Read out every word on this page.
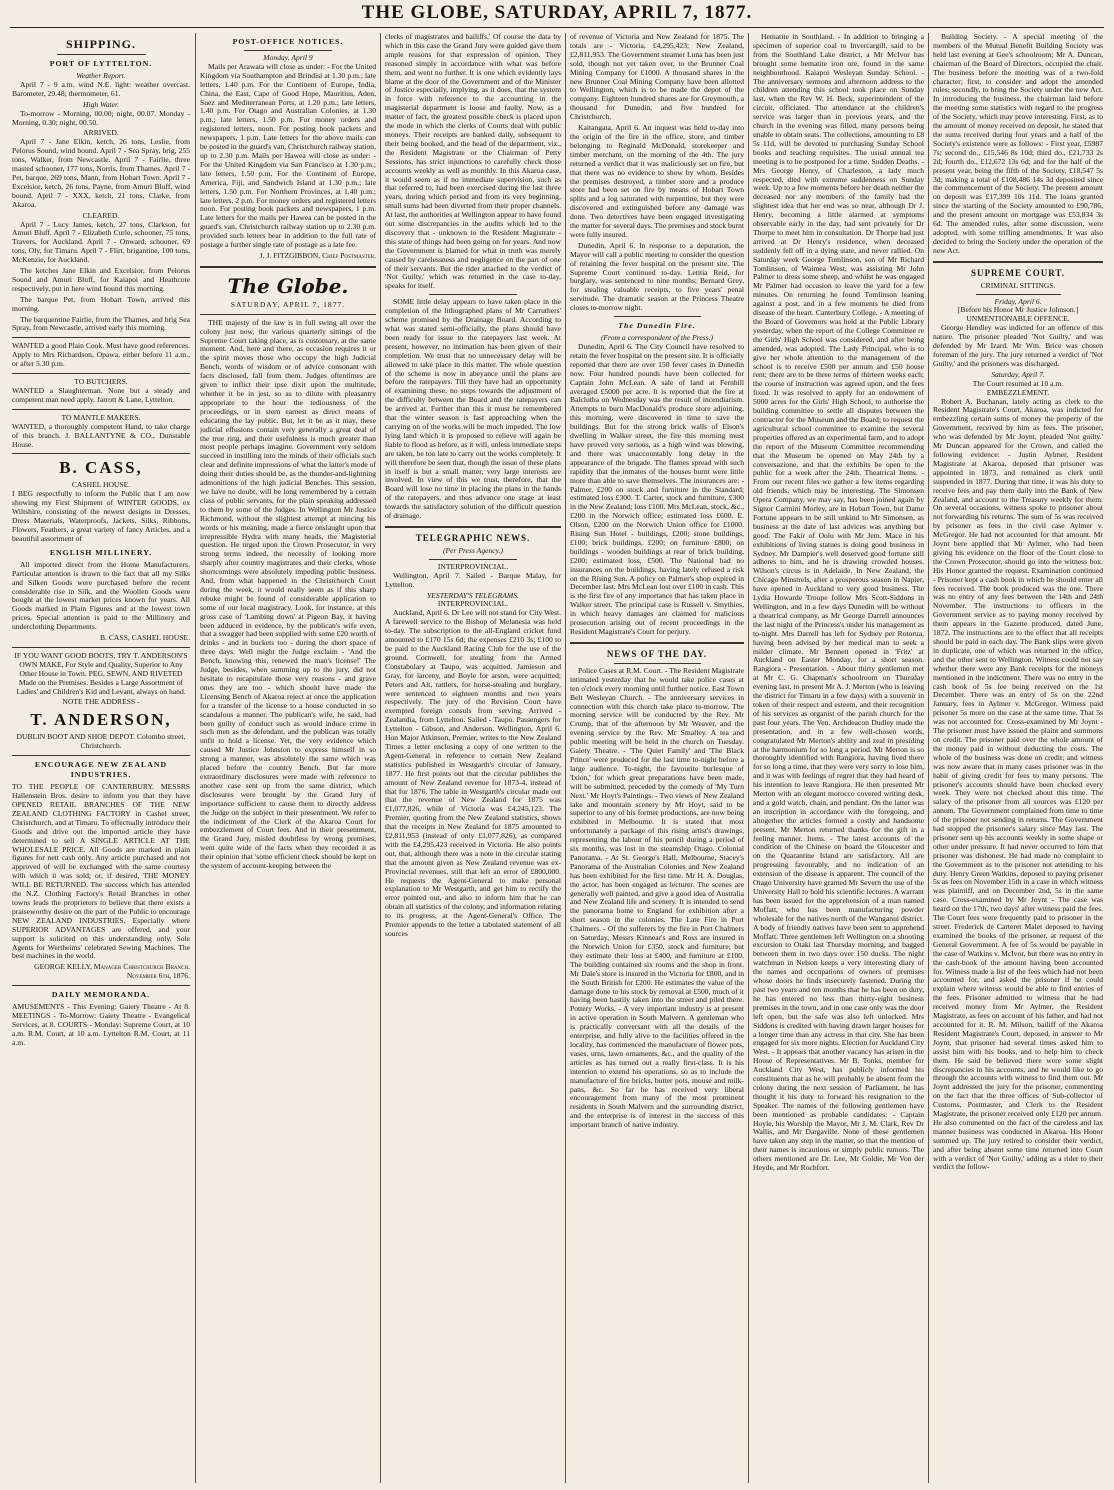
THE GLOBE, SATURDAY, APRIL 7, 1877.
SHIPPING.
PORT OF LYTTELTON.
Weather Report.

April 7 - 9 a.m. wind N.E. light: weather overcast. Barometer, 29.48; thermometer, 61.

High Water.

To-morrow - Morning, 00.00; night, 00.07. Monday - Morning, 0.30; night, 00.50.

ARRIVED.

April 7 - Jane Elkin, ketch, 26 tons, Leslie, from Pelorus Sound, wind bound. April 7 - Sea Spray, brig, 255 tons, Walker, from Newcastle. April 7 - Fairlie, three masted schooner, 177 tons, Norris, from Thames. April 7 - Pet, barque, 269 tons, Mann, from Hobart Town. April 7 - Excelsior, ketch, 26 tons, Payne, from Amuri Bluff, wind bound. April 7 - XXX, ketch, 21 tons, Clarke, from Akaroa.

CLEARED.

April 7 - Lucy James, ketch, 27 tons, Clarkson, for Amuri Bluff. April 7 - Elizabeth Curle, schooner, 75 tons, Travers, for Auckland. April 7 - Onward, schooner, 69 tons, Oly, for Timaru. April 7 - Flirt, brigantine, 100 tons, McKenzie, for Auckland.

The ketches Jane Elkin and Excelsior, from Pelorus Sound and Amuri Bluff, for Kaiapoi and Heathcote respectively, put in here wind bound this morning.

The barque Pet, from Hobart Town, arrived this morning.

The barquentine Fairlie, from the Thames, and brig Sea Spray, from Newcastle, arrived early this morning.

WANTED a good Plain Cook. Must have good references. Apply to Mrs Richardson, Opawa, either before 11 a.m., or after 5.30 p.m.

TO BUTCHERS.

WANTED a Slaughterman. None but a steady and competent man need apply. Jarrott & Lane, Lyttelton.

TO MANTLE MAKERS.

WANTED, a thoroughly competent Hand, to take charge of this branch. J. BALLANTYNE & CO., Dunstable House.

B. CASS,
CASHEL HOUSE.

I BEG respectfully to inform the Public that I am now showing my First Shipment of WINTER GOODS, ex Wiltshire, consisting of the newest designs in Dresses, Dress Materials, Waterproofs, Jackets, Silks, Ribbons, Flowers, Feathers, a great variety of fancy Articles, and a beautiful assortment of

ENGLISH MILLINERY.

All imported direct from the Home Manufacturers. Particular attention is drawn to the fact that all my Silks and Silken Goods were purchased before the recent considerable rise in Silk, and the Woollen Goods were bought at the lowest market prices known for years. All Goods marked in Plain Figures and at the lowest town prices. Special attention is paid to the Millinery and underclothing Departments.

B. CASS, CASHEL HOUSE.

IF YOU WANT GOOD BOOTS, TRY T. ANDERSON'S OWN MAKE, For Style and Quality, Superior to Any Other House in Town. PEG, SEWN, AND RIVETED Made on the Premises. Besides a Large Assortment of Ladies' and Children's Kid and Levant, always on hand.

NOTE THE ADDRESS -
T. ANDERSON,
DUBLIN BOOT AND SHOE DEPOT. Colombo street, Christchurch.
ENCOURAGE NEW ZEALAND INDUSTRIES.

TO THE PEOPLE OF CANTERBURY. MESSRS Hallenstein Bros. desire to inform you that they have OPENED RETAIL BRANCHES OF THE NEW ZEALAND CLOTHING FACTORY in Cashel street, Christchurch, and at Timaru. To effectually introduce their Goods and drive out the imported article they have determined to sell A SINGLE ARTICLE AT THE WHOLESALE PRICE. All Goods are marked in plain figures for nett cash only. Any article purchased and not approved of will be exchanged with the same courtesy with which it was sold; or, if desired, THE MONEY WILL BE RETURNED. The success which has attended the N.Z. Clothing Factory's Retail Branches in other towns leads the proprietors to believe that there exists a praiseworthy desire on the part of the Public to encourage NEW ZEALAND INDUSTRIES, Especially where SUPERIOR ADVANTAGES are offered, and your support is solicited on this understanding only. Sole Agents for Wertheims' celebrated Sewing Machines. The best machines in the world.

GEORGE KELLY, Manager Christchurch Branch. November 6th, 1876.
DAILY MEMORANDA.

AMUSEMENTS - This Evening: Gaiety Theatre - At 8. MEETINGS - To-Morrow: Gaiety Theatre - Evangelical Services, at 8. COURTS - Monday: Supreme Court, at 10 a.m. R.M. Court, at 10 a.m. Lyttelton R.M. Court, at 11 a.m.

POST-OFFICE NOTICES.
Monday, April 9

Mails per Arawata will close as under: - For the United Kingdom via Southampton and Brindisi at 1.30 p.m.; late letters, 1.40 p.m. For the Continent of Europe, India, China, the East, Cape of Good Hope, Mauritius, Aden, Suez and Mediterranean Ports, at 1.20 p.m.; late letters, 1.40 p.m. For Otago and Australian Colonies, at 1.30 p.m.; late letters, 1.50 p.m. For money orders and registered letters, noon. For posting book packets and newspapers, 1 p.m. Late letters for the above mails can be posted in the guard's van, Christchurch railway station, up to 2.30 p.m. Mails per Hawea will close as under: - For the United Kingdom via San Francisco at 1.30 p.m.; late letters, 1.50 p.m. For the Continent of Europe, America, Fiji, and Sandwich Island at 1.30 p.m.; late letters, 1.50 p.m. For Northern Provinces, at 1.40 p.m.; late letters, 2 p.m. For money orders and registered letters noon. For posting book packets and newspapers, 1 p.m. Late letters for the mails per Hawea can be posted in the guard's van, Christchurch railway station up to 2.30 p.m. provided such letters bear in addition to the full rate of postage a further single rate of postage as a late fee.

J. J. FITZGIBBON, Chief Postmaster.
The Globe.
SATURDAY, APRIL 7, 1877.

THE majesty of the law is in full swing all over the colony just now, the various quarterly sittings of the Supreme Court taking place, as is customary, at the same moment. And, here and there, as occasion requires it or the spirit moves those who occupy the high Judicial Bench, words of wisdom or of advice consonant with facts disclosed, fall from them. Judges oftentimes are given to inflict their ipse dixit upon the multitude, whether it be in jest, so as to dilute with pleasantry appropriate to the hour the tediousness of the proceedings, or in stern earnest as direct means of educating the lay public. But, let it be as it may, these judicial effusions contain very generally a great deal of the true ring, and their usefulness is much greater than most people perhaps imagine. Government very seldom succeed in instilling into the minds of their officials such clear and definite impressions of what the latter's mode of doing their duties should be, as the thunder-and-lightning admonitions of the high judicial Benches. This session, we have no doubt, will be long remembered by a certain class of public servants, for the plain speaking addressed to them by some of the Judges. In Wellington Mr Justice Richmond, without the slightest attempt at mincing his words or his meaning, made a fierce onslaught upon that irrepressible Hydra with many heads, the Magisterial question. He urged upon the Crown Prosecutor, in very strong terms indeed, the necessity of looking more sharply after country magistrates and their clerks, whose shortcomings were absolutely impeding public business. And, from what happened in the Christchurch Court during the week, it would really seem as if this sharp rebuke might be found of considerable application to some of our local magistracy. Look, for instance, at this gross case of 'Lambing down' at Pigeon Bay, it having been adduced in evidence, by the publican's wife even, that a swagger had been supplied with some £20 worth of drinks - and in buckets too - during the short space of three days. Well might the Judge exclaim - 'And the Bench, knowing this, renewed the man's license!' The Judge, besides, when summing up to the jury, did not hesitate to recapitulate those very reasons - and grave ones they are too - which should have made the Licensing Bench of Akaroa reject at once the application for a transfer of the license to a house conducted in so scandalous a manner. The publican's wife, he said, had been guilty of conduct such as would induce crime in such men as the defendant, and the publican was totally unfit to hold a license. Yet, the very evidence which caused Mr Justice Johnston to express himself in so strong a manner, was absolutely the same which was placed before the country Bench. But far more extraordinary disclosures were made with reference to another case sent up from the same district, which disclosures were brought by the Grand Jury of importance sufficient to cause them to directly address the Judge on the subject in their presentment. We refer to the indictment of the Clerk of the Akaroa Court for embezzlement of Court fees. And in their presentment, the Grand Jury, misled doubtless by wrong premises, went quite wide of the facts when they recorded it as their opinion that 'some efficient check should be kept on the system of account-keeping between the

clerks of magistrates and bailiffs.' Of course the data by which in this case the Grand Jury were guided gave them ample reasons for that expression of opinion. They reasoned simply in accordance with what was before them, and went no further. It is one which evidently lays blame at the door of the Government and of the Minister of Justice especially, implying, as it does, that the system in force with reference to the accounting in the magisterial department is loose and faulty. Now, as a matter of fact, the greatest possible check is placed upon the mode in which the clerks of Courts deal with public moneys. Their receipts are banked daily, subsequent to their being booked, and the head of the department, viz., the Resident Magistrate or the Chairman of Petty Sessions, has strict injunctions to carefully check those accounts weekly as well as monthly. In this Akaroa case, it would seem as if no immediate supervision, such as that referred to, had been exercised during the last three years, during which period and from its very beginning, small sums had been diverted from their proper channels. At last, the authorities at Wellington appear to have found out some discrepancies in the audits which led to the discovery that - unknown to the Resident Magistrate - this state of things had been going on for years. And now the Government is blamed for what in truth was merely caused by carelessness and negligence on the part of one of their servants. But the rider attached to the verdict of 'Not Guilty,' which was returned in the case to-day, speaks for itself.

SOME little delay appears to have taken place in the completion of the lithographed plans of Mr Carruthers' scheme promised by the Drainage Board. According to what was stated semi-officially, the plans should have been ready for issue to the ratepayers last week. At present, however, no intimation has been given of their completion. We trust that no unnecessary delay will be allowed to take place in this matter. The whole question of the scheme is now in abeyance until the plans are before the ratepayers. Till they have had an opportunity of examining these, no steps towards the adjustment of the difficulty between the Board and the ratepayers can be arrived at. Further than this it must be remembered that the winter season is fast approaching when the carrying on of the works will be much impeded. The low lying land which it is proposed to relieve will again be liable to flood as before, as it will, unless immediate steps are taken, be too late to carry out the works completely. It will therefore be seen that, though the issue of these plans in itself is but a small matter, very large interests are involved. In view of this we trust, therefore, that the Board will lose no time in placing the plans in the hands of the ratepayers, and thus advance one stage at least towards the satisfactory solution of the difficult question of drainage.

TELEGRAPHIC NEWS.
(Per Press Agency.)
INTERPROVINCIAL.

Wellington, April 7. Sailed - Barque Malay, for Lyttelton.

YESTERDAY'S TELEGRAMS.
INTERPROVINCIAL.

Auckland, April 6. Dr Lee will not stand for City West. A farewell service to the Bishop of Melanesia was held to-day. The subscription to the all-England cricket fund amounted to £170 15s 6d; the expenses £210 3s; £100 to be paid to the Auckland Racing Club for the use of the ground. Cornwell, for stealing from the Armed Constabulary at Taupo, was acquitted. Jamieson and Gray, for larceny, and Boyle for arson, were acquitted; Peters and Alt, rattlers, for horse-stealing and burglary, were sentenced to eighteen months and two years respectively. The jury of the Revision Court have exempted foreign consuls from serving. Arrived - Zealandia, from Lyttelton. Sailed - Taupo. Passengers for Lyttelton - Gibson, and Anderson. Wellington, April 6. Hon Major Atkinson, Premier, writes to the New Zealand Times a letter enclosing a copy of one written to the Agent-General in reference to certain New Zealand statistics published in Westgarth's circular of January, 1877. He first points out that the circular publishes the amount of New Zealand revenue for 1873-4, instead of that for 1876. The table in Westgarth's circular made out that the revenue of New Zealand for 1875 was £1,077,826, while of Victoria was £4,245,123. The Premier, quoting from the New Zealand statistics, shows that the receipts in New Zealand for 1875 amounted to £2,811,953 (instead of only £1,077,826), as compared with the £4,295,423 received in Victoria. He also points out, that, although there was a note in the circular stating that the amount given as New Zealand revenue was ex-Provincial revenues, still that left an error of £800,000. He requests the Agent-General to make personal explanation to Mr Westgarth, and get him to rectify the error pointed out, and also to inform him that he can obtain all statistics of the colony, and information relating to its progress, at the Agent-General's Office. The Premier appends to the letter a tabulated statement of all sources

of revenue of Victoria and New Zealand for 1875. The totals are - Victoria, £4,295,423; New Zealand, £2,811,953. The Government steamer Luna has been just sold, though not yet taken over, to the Brunner Coal Mining Company for £1000. A thousand shares in the new Brunner Coal Mining Company have been allotted to Wellington, which is to be made the depot of the company. Eighteen hundred shares are for Greymouth, a thousand for Dunedin, and five hundred for Christchurch.

Kaitangata, April 6. An inquest was held to-day into the origin of the fire in the office, store, and timber belonging to Reginald McDonald, storekeeper and timber merchant, on the morning of the 4th. The jury returned a verdict that it was maliciously set on fire, but that there was no evidence to show by whom. Besides the premises destroyed, a timber store and a produce store had been set on fire by means of Hobart Town splits and a log saturated with turpentine, but they were discovered and extinguished before any damage was done. Two detectives have been engaged investigating the matter for several days. The premises and stock burnt were fully insured.

Dunedin, April 6. In response to a deputation, the Mayor will call a public meeting to consider the question of retaining the fever hospital on the present site. The Supreme Court continued to-day. Letitia Reid, for burglary, was sentenced to nine months; Bernard Grey, for stealing valuable receipts, to five years' penal servitude. The dramatic season at the Princess Theatre closes to-morrow night.

The Dunedin Fire.
(From a correspondent of the Press.)

Dunedin, April 6. The City Council have resolved to retain the fever hospital on the present site. It is officially reported that there are over 150 fever cases in Dunedin now. Four hundred pounds have been collected for Captain John McLean. A sale of land at Fernhill averaged £5000 per acre. It is reported that the fire at Balclutha on Wednesday was the result of incendiarism. Attempts to burn MacDonald's produce store adjoining, this morning, were discovered in time to save the buildings. But for the strong brick walls of Elson's dwelling in Walker street, the fire this morning must have proved very serious, as a high wind was blowing, and there was unaccountably long delay in the appearance of the brigade. The flames spread with such rapidity that the inmates of the houses burnt were little more than able to save themselves. The insurances are: - Palmer, £200 on stock and furniture in the Standard; estimated loss £300. T. Carter, stock and furniture, £300 in the New Zealand; loss £100. Mrs McLean, stock, &c., £200 in the Norwich office; estimated loss £600. E. Olson, £200 on the Norwich Union office for £1000. Rising Sun Hotel - buildings, £200; stone buildings, £100; brick buildings, £200; on furniture £800; on buildings - wooden buildings at rear of brick building, £200; estimated loss, £500. The National had no insurances on the buildings, having lately refused a risk on the Rising Sun. A policy on Palmer's shop expired in December last. Mrs McLean lost over £100 in cash. This is the first fire of any importance that has taken place in Walker street. The principal case is Russell v. Smythies, in which heavy damages are claimed for malicious prosecution arising out of recent proceedings in the Resident Magistrate's Court for perjury.

NEWS OF THE DAY.

Police Cases at R.M. Court. - The Resident Magistrate intimated yesterday that he would take police cases at ten o'clock every morning until further notice. East Town Belt Wesleyan Church. - The anniversary services in connection with this church take place to-morrow. The morning service will be conducted by the Rev. Mr Crump, that of the afternoon by Mr Weaver, and the evening service by the Rev. Mr Smalley. A tea and public meeting will be held in the church on Tuesday. Gaiety Theatre. - 'The Quiet Family' and 'The Black Prince' were produced for the last time to-night before a large audience. To-night, the favourite burlesque of 'Ixion,' for which great preparations have been made, will be submitted, preceded by the comedy of 'My Turn Next.' Mr Hoyt's Paintings. - Two views of New Zealand lake and mountain scenery by Mr Hoyt, said to be superior to any of his former productions, are now being exhibited in Melbourne. It is stated that most unfortunately a package of this rising artist's drawings, representing the labour of his pencil during a period of six months, was lost in the steamship Otago. Colonial Panorama. - At St. George's Hall, Melbourne, Stacey's Panorama of the Australian Colonies and New Zealand has been exhibited for the first time. Mr H. A. Douglas, the actor, has been engaged as lecturer. The scenes are generally well painted, and give a good idea of Australia and New Zealand life and scenery. It is intended to send the panorama home to England for exhibition after a short season in the colonies. The Late Fire in Port Chalmers. - Of the sufferers by the fire in Port Chalmers on Saturday, Messrs Kinnear's and Ross are insured in the Norwich Union for £350, stock and furniture; but they estimate their loss at £400, and furniture at £100. The building contained six rooms and the shop in front. Mr Dale's store is insured in the Victoria for £800, and in the South British for £200. He estimates the value of the damage done to his stock by removal at £500, much of it having been hastily taken into the street and piled there. Pottery Works. - A very important industry is at present in active operation in South Malvern. A gentleman who is practically conversant with all the details of the enterprise, and fully alive to the facilities offered in the locality, has commenced the manufacture of flower pots, vases, urns, lawn ornaments, &c., and the quality of the articles as has turned out a really first-class. It is his intention to extend his operations, so as to include the manufacture of fire bricks, butter pots, mouse and milk-pans, &c. So far he has received very liberal encouragement from many of the most prominent residents in South Malvern and the surrounding district, and the enterprise is of interest in the success of this important branch of native industry.

Hematite in Southland. - In addition to bringing a specimen of superior coal to Invercargill, said to be from the Southland Lake district, a Mr McIvor has brought some hematite iron ore, found in the same neighbourhood. Kaiapoi Wesleyan Sunday School. - The anniversary sermons and afternoon address to the children attending this school took place on Sunday last, when the Rev W. H. Beck, superintendent of the circuit, officiated. The attendance at the children's service was larger than in previous years, and the church in the evening was filled, many persons being unable to obtain seats. The collections, amounting to £8 5s 11d, will be devoted to purchasing Sunday School books and teaching requisites. The usual annual tea meeting is to be postponed for a time. Sudden Deaths. - Mrs George Henry, of Charleston, a lady much respected, died with extreme suddenness on Sunday week. Up to a few moments before her death neither the deceased nor any members of the family had the slightest idea that her end was so near, although Dr J. Henry, becoming a little alarmed at symptoms observable early in the day, had sent privately for Dr Thorpe to meet him in consultation. Dr Thorpe had just arrived at Dr Henry's residence, when deceased suddenly fell off in a dying state, and never rallied. On Saturday week George Tomlinson, son of Mr Richard Tomlinson, of Waimea West, was assisting Mr John Palmer to dress some sheep, and whilst he was engaged Mr Palmer had occasion to leave the yard for a few minutes. On returning he found Tomlinson leaning against a post, and in a few moments he died from disease of the heart. Canterbury College. - A meeting of the Board of Governors was held at the Public Library yesterday, when the report of the College Committee re the Girls' High School was considered, and after being amended, was adopted. The Lady Principal, who is to give her whole attention to the management of the school is to receive £500 per annum and £50 house rent; there are to be three terms of thirteen weeks each; the course of instruction was agreed upon, and the fees fixed. It was resolved to apply for an endowment of 5000 acres for the Girls' High School, to authorise the building committee to settle all disputes between the contractor for the Museum and the Board; to request the agricultural school committee to examine the several properties offered as an experimental farm, and to adopt the report of the Museum Committee recommending that the Museum be opened on May 24th by a conversazione, and that the exhibits be open to the public for a week after the 24th. Theatrical Items. - From our recent files we gather a few items regarding old friends, which may be interesting. The Simonsen Opera Company, we may say, has been joined again by Signor Carmini Morley, are in Hobart Town, but Dame Fortune appears to be still unkind to Mr Simonsen, as business at the date of last advices was anything but good. The Fakir of Oolu with Mr Jem. Mace in his exhibitions of living statues is doing good business in Sydney. Mr Dampier's well deserved good fortune still adheres to him, and he is drawing crowded houses. Wilson's circus is in Adelaide. In New Zealand, the Chicago Minstrels, after a prosperous season in Napier, have opened in Auckland to very good business. The Lydia Howarde Troupe follow Mrs Scott-Siddons in Wellington, and in a few days Dunedin will be without a theatrical company, as Mr George Darrell announces the last night of the Princess's under his management as to-night. Mrs Darrell has left for Sydney per Rotorua, having been advised by her medical man to seek a milder climate. Mr Bennett opened in 'Fritz' at Auckland on Easter Monday, for a short season. Rangiora - Presentation. - About thirty gentlemen met at Mr C. G. Chapman's schoolroom on Thursday evening last, to present Mr A. J. Merton (who is leaving the district for Timaru in a few days) with a souvenir in token of their respect and esteem, and their recognition of his services as organist of the parish church for the past four years. The Ven. Archdeacon Dudley made the presentation, and in a few well-chosen words, congratulated Mr Merton's ability and zeal in presiding at the harmonium for so long a period. Mr Merton is so thoroughly identified with Rangiora, having lived there for so long a time, that they were very sorry to lose him, and it was with feelings of regret that they had heard of his intention to leave Rangiora. He then presented Mr Merton with an elegant morocco covered writing desk, and a gold watch, chain, and pendant. On the latter was an inscription in accordance with the foregoing, and altogether the articles formed a costly and handsome present. Mr Merton returned thanks for the gift in a feeling manner. Items. - The latest accounts of the condition of the Chinese on board the Gloucester and on the Quarantine Island are satisfactory. All are progressing favourably, and no indication of an extension of the disease is apparent. The council of the Otago University have granted Mr Severn the use of the University Hall to hold his scientific lectures. A warrant has been issued for the apprehension of a man named Moffatt, who has been manufacturing powder wholesale for the natives north of the Wanganui district. A body of friendly natives have been sent to apprehend Moffatt. Three gentlemen left Wellington on a shooting excursion to Otaki last Thursday morning, and bagged between them in two days over 150 ducks. The night watchman in Nelson keeps a very interesting diary of the names and occupations of owners of premises whose doors he finds insecurely fastened. During the past two years and ten months that he has been on duty, he has entered no less than thirty-eight business premises in the town, and in one case only was the door left open, but the safe was also left unlocked. Mrs Siddons is credited with having drawn larger houses for a longer time than any actress in that city. She has been engaged for six more nights. Election for Auckland City West. - It appears that another vacancy has arisen in the House of Representatives. Mr B. Tonks, member for Auckland City West, has publicly informed his constituents that as he will probably be absent from the colony during the next session of Parliament, he has thought it his duty to forward his resignation to the Speaker. The names of the following gentlemen have been mentioned as probable candidates: - Captain Hoyle, his Worship the Mayor, Mr J. M. Clark, Rev Dr Wallis, and Mr Dargaville. None of these gentlemen have taken any step in the matter, so that the mention of their names is incautious or simply public rumors. The others mentioned are Dr. Lee, Mr Goldie, Mr Von der Heyde, and Mr Rochfort.

Building Society. - A special meeting of the members of the Mutual Benefit Building Society was held last evening at Gee's schoolroom; Mr A. Duncan, chairman of the Board of Directors, occupied the chair. The business before the meeting was of a two-fold character; first, to consider and adopt the amended rules; secondly, to bring the Society under the new Act. In introducing the business, the chairman laid before the meeting some statistics with regard to the progress of the Society, which may prove interesting. First, as to the amount of money received on deposit, he stated that the sums received during four years and a half of the Society's existence were as follows: - First year, £5987 7s; second do., £15,546 8s 10d; third do., £21,733 2s 2d; fourth do., £12,672 13s 6d; and for the half of the present year, being the fifth of the Society, £18,547 5s 3d; making a total of £108,486 14s 3d deposited since the commencement of the Society. The present amount on deposit was £17,399 10s 11d. The loans granted since the starting of the Society amounted to £90,786, and the present amount on mortgage was £53,834 3s 6d. The amended rules, after some discussion, were adopted, with some trifling amendments. It was also decided to bring the Society under the operation of the new Act.

SUPREME COURT.
CRIMINAL SITTINGS.
Friday, April 6.
[Before his Honor Mr Justice Johnson.]
UNMENTIONABLE OFFENCE.

George Hendley was indicted for an offence of this nature. The prisoner pleaded 'Not Guilty,' and was defended by Mr Izard. Mr Wm. Brice was chosen foreman of the jury. The jury returned a verdict of 'Not Guilty,' and the prisoners was discharged.

Saturday, April 7.
The Court resumed at 10 a.m.
EMBEZZLEMENT.

Robert A. Buchanan, lately acting as clerk to the Resident Magistrate's Court, Akaroa, was indicted for embezzling certain sums of money the property of the Government, received by him as fees. The prisoner, who was defended by Mr Joynt, pleaded 'Not guilty.' Mr Duncan appeared for the Crown, and called the following evidence: - Justin Aylmer, Resident Magistrate at Akaroa, deposed that prisoner was appointed in 1873, and remained as clerk until suspended in 1877. During that time, it was his duty to receive fees and pay them daily into the Bank of New Zealand, and account to the Treasury weekly for them. On several occasions, witness spoke to prisoner about not forwarding his returns. The sum of 5s was received by prisoner as fees in the civil case Aylmer v. McGregor. He had not accounted for that amount. Mr Joynt here applied that Mr Aylmer, who had been giving his evidence on the floor of the Court close to the Crown Prosecutor, should go into the witness box. His Honor granted the request. Examination continued - Prisoner kept a cash book in which he should enter all fees received. The book produced was the one. There was no entry of any fees between the 14th and 24th November. The instructions to officers in the Government service as to paying money received by them appears in the Gazette produced, dated June, 1872. The instructions are to the effect that all receipts should be paid in each day. The Bank slips were given in duplicate, one of which was returned in the office, and the other sent to Wellington. Witness could not say whether there were any Bank receipts for the moneys mentioned in the indictment. There was no entry in the cash book of 5s fee being received on the 1st December. There was an entry of 5s on the 22nd January, fees in Aylmer v. McGregor. Witness paid prisoner 5s more on the case at the same time. That 5s was not accounted for. Cross-examined by Mr Joynt - The prisoner must have issued the plaint and summons on credit. The prisoner paid over the whole amount of the money paid in without deducting the costs. The whole of the business was done on credit; and witness was now aware that in many cases prisoner was in the habit of giving credit for fees to many persons. The prisoner's accounts should have been checked every week. They were not checked about this time. The salary of the prisoner from all sources was £120 per annum. The Government complained from time to time of the prisoner not sending in returns. The Government had stopped the prisoner's salary since May last. The prisoner sent up his accounts weekly in some shape or other under pressure. It had never occurred to him that prisoner was dishonest. He had made no complaint to the Government as to the prisoner not attending to his duty. Henry Green Watkins, deposed to paying prisoner 5s as fees on November 15th in a case in which witness was plaintiff, and on December 2nd, 5s in the same case. Cross-examined by Mr Joynt - The case was heard on the 17th, two days' after witness paid the fees. The Court fees were frequently paid to prisoner in the street. Frederick de Carteret Malet deposed to having examined the books of the prisoner, at request of the General Government. A fee of 5s would be payable in the case of Watkins v. McIvor, but there was no entry in the cash-book of the amount having been accounted for. Witness made a list of the fees which had not been accounted for, and asked the prisoner if he could explain where witness would be able to find entries of the fees. Prisoner admitted to witness that he had received money from Mr Aylmer, the Resident Magistrate, as fees on account of his father, and had not accounted for it. R. M. Milson, bailiff of the Akaroa Resident Magistrate's Court, deposed, in answer to Mr Joynt, that prisoner had several times asked him to assist him with his books, and to help him to check them. He said he believed there were some slight discrepancies in his accounts, and he would like to go through the accounts with witness to find them out. Mr Joynt addressed the jury for the prisoner, commenting on the fact that the three offices of Sub-collector of Customs, Postmaster, and Clerk to the Resident Magistrate, the prisoner received only £120 per annum. He also commented on the fact of the careless and lax manner business was conducted in Akaroa. His Honor summed up. The jury retired to consider their verdict, and after being absent some time returned into Court with a verdict of 'Not Guilty,' adding as a rider to their verdict the follow-
